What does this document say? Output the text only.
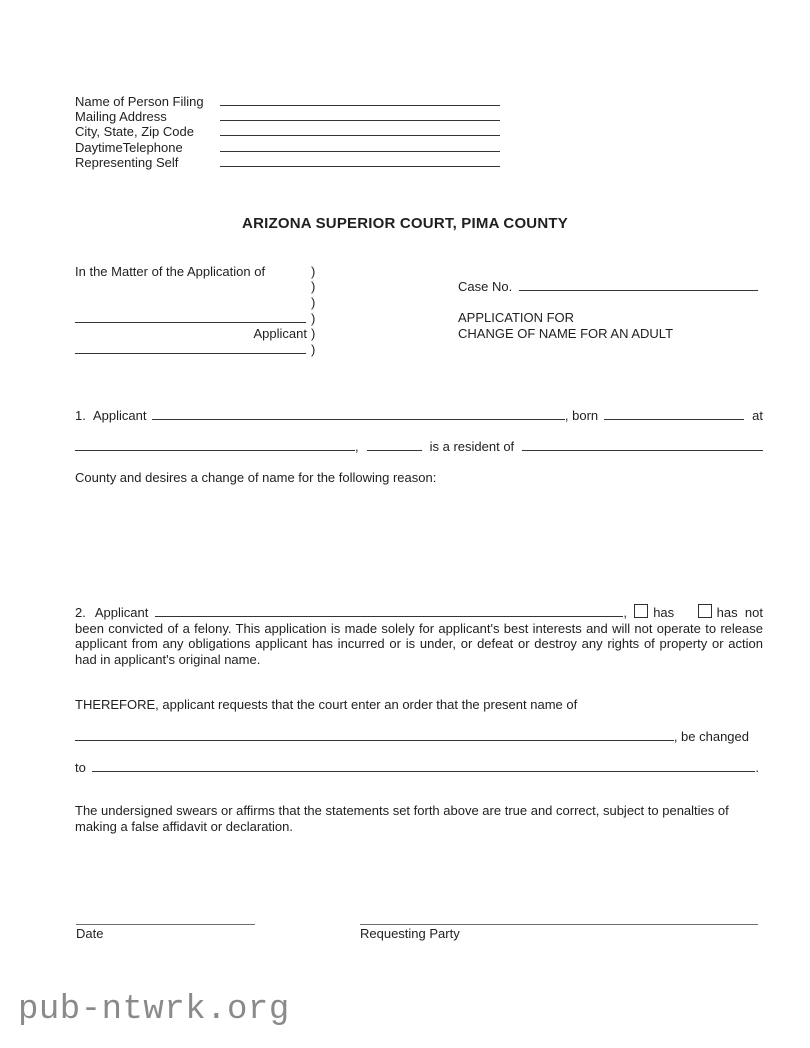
Name of Person Filing
Mailing Address
City, State, Zip Code
DaytimeTelephone
Representing Self
ARIZONA SUPERIOR COURT, PIMA COUNTY
In the Matter of the Application of	)
)
)
)
Applicant )
)
Case No.
APPLICATION FOR
CHANGE OF NAME FOR AN ADULT
1. Applicant	, born	at
,	is a resident of
County and desires a change of name for the following reason:
2. Applicant	, has	has not been convicted of a felony. This application is made solely for applicant's best interests and will not operate to release applicant from any obligations applicant has incurred or is under, or defeat or destroy any rights of property or action had in applicant's original name.
THEREFORE, applicant requests that the court enter an order that the present name of
, be changed
to	.
The undersigned swears or affirms that the statements set forth above are true and correct, subject to penalties of making a false affidavit or declaration.
Date	Requesting Party
pub-ntwrk.org
